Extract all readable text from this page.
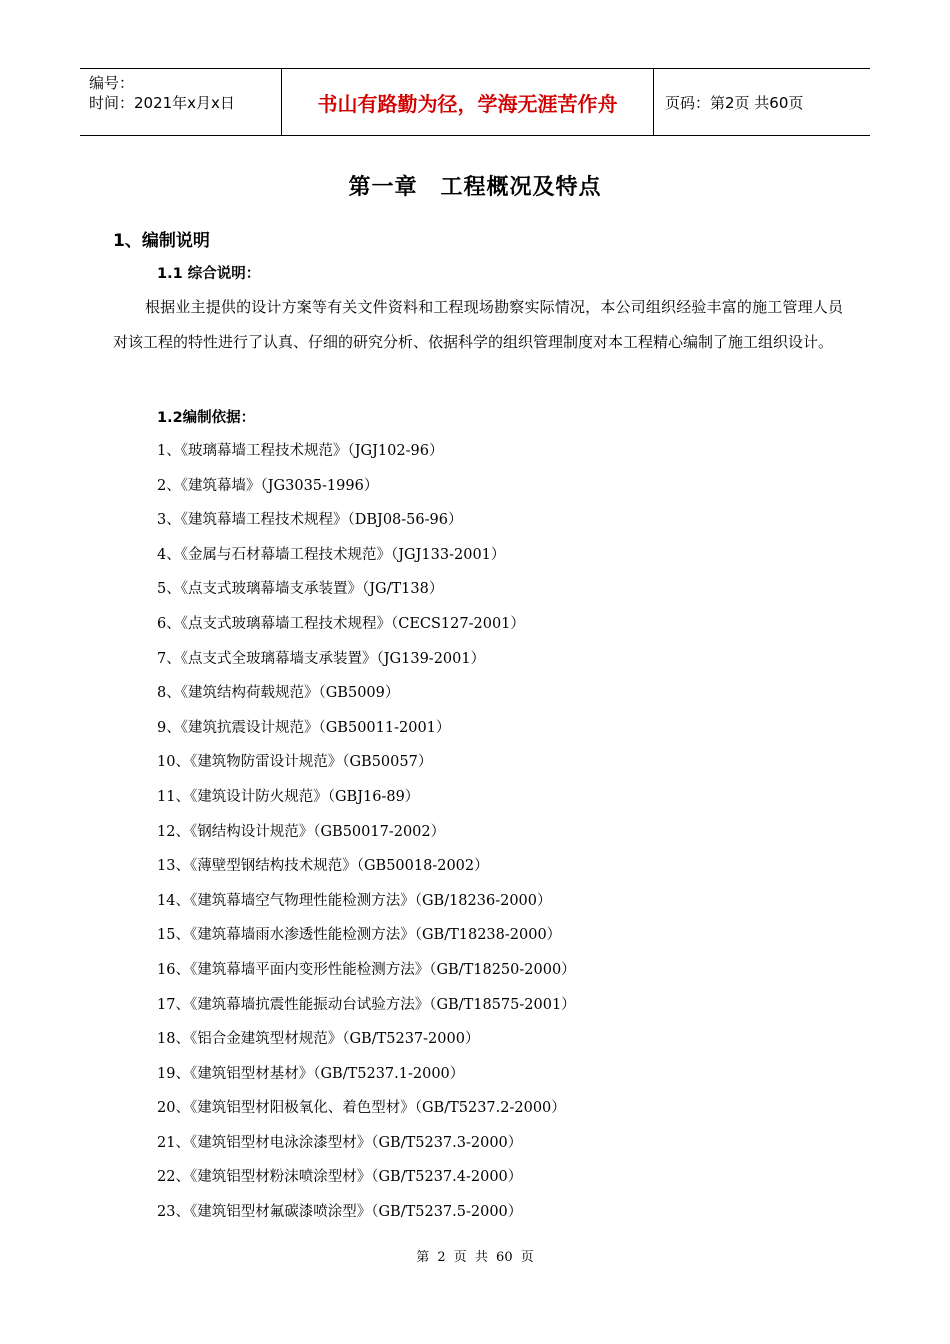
编号：
时间：2021年x月x日	书山有路勤为径，学海无涯苦作舟	页码：第2页 共60页
第一章　工程概况及特点
1、编制说明
1.1 综合说明：
根据业主提供的设计方案等有关文件资料和工程现场勘察实际情况，本公司组织经验丰富的施工管理人员对该工程的特性进行了认真、仔细的研究分析、依据科学的组织管理制度对本工程精心编制了施工组织设计。
1.2编制依据：
1、《玻璃幕墙工程技术规范》（JGJ102-96）
2、《建筑幕墙》（JG3035-1996）
3、《建筑幕墙工程技术规程》（DBJ08-56-96）
4、《金属与石材幕墙工程技术规范》（JGJ133-2001）
5、《点支式玻璃幕墙支承装置》（JG/T138）
6、《点支式玻璃幕墙工程技术规程》（CECS127-2001）
7、《点支式全玻璃幕墙支承装置》（JG139-2001）
8、《建筑结构荷载规范》（GB5009）
9、《建筑抗震设计规范》（GB50011-2001）
10、《建筑物防雷设计规范》（GB50057）
11、《建筑设计防火规范》（GBJ16-89）
12、《钢结构设计规范》（GB50017-2002）
13、《薄壁型钢结构技术规范》（GB50018-2002）
14、《建筑幕墙空气物理性能检测方法》（GB/18236-2000）
15、《建筑幕墙雨水渗透性能检测方法》（GB/T18238-2000）
16、《建筑幕墙平面内变形性能检测方法》（GB/T18250-2000）
17、《建筑幕墙抗震性能振动台试验方法》（GB/T18575-2001）
18、《铝合金建筑型材规范》（GB/T5237-2000）
19、《建筑铝型材基材》（GB/T5237.1-2000）
20、《建筑铝型材阳极氧化、着色型材》（GB/T5237.2-2000）
21、《建筑铝型材电泳涂漆型材》（GB/T5237.3-2000）
22、《建筑铝型材粉沫喷涂型材》（GB/T5237.4-2000）
23、《建筑铝型材氟碳漆喷涂型》（GB/T5237.5-2000）
第 2 页 共 60 页
